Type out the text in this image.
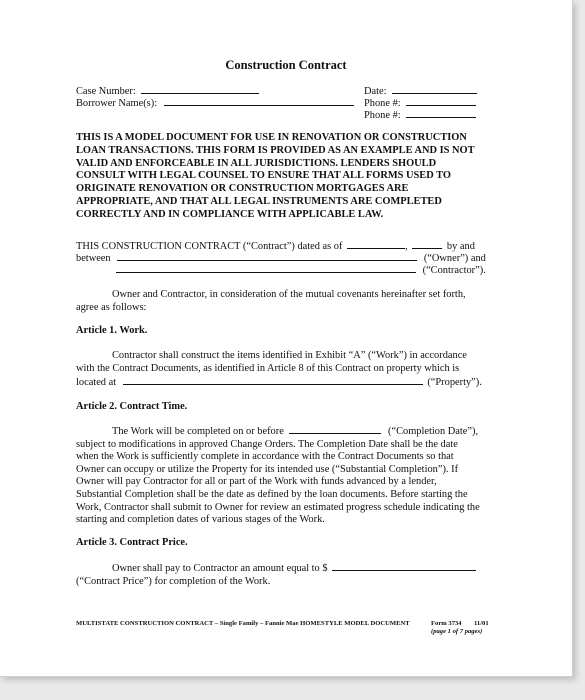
Construction Contract
Case Number:
Borrower Name(s):
Date:
Phone #:
Phone #:
THIS IS A MODEL DOCUMENT FOR USE IN RENOVATION OR CONSTRUCTION
LOAN TRANSACTIONS. THIS FORM IS PROVIDED AS AN EXAMPLE AND IS NOT
VALID AND ENFORCEABLE IN ALL JURISDICTIONS. LENDERS SHOULD
CONSULT WITH LEGAL COUNSEL TO ENSURE THAT ALL FORMS USED TO
ORIGINATE RENOVATION OR CONSTRUCTION MORTGAGES ARE
APPROPRIATE, AND THAT ALL LEGAL INSTRUMENTS ARE COMPLETED
CORRECTLY AND IN COMPLIANCE WITH APPLICABLE LAW.
THIS CONSTRUCTION CONTRACT (“Contract”) dated as of	,	by and
between	(“Owner”) and
(“Contractor”).
Owner and Contractor, in consideration of the mutual covenants hereinafter set forth,
agree as follows:
Article 1. Work.
Contractor shall construct the items identified in Exhibit “A” (“Work”) in accordance
with the Contract Documents, as identified in Article 8 of this Contract on property which is
located at	(“Property”).
Article 2. Contract Time.
The Work will be completed on or before	(“Completion Date”),
subject to modifications in approved Change Orders. The Completion Date shall be the date
when the Work is sufficiently complete in accordance with the Contract Documents so that
Owner can occupy or utilize the Property for its intended use (“Substantial Completion”). If
Owner will pay Contractor for all or part of the Work with funds advanced by a lender,
Substantial Completion shall be the date as defined by the loan documents. Before starting the
Work, Contractor shall submit to Owner for review an estimated progress schedule indicating the
starting and completion dates of various stages of the Work.
Article 3. Contract Price.
Owner shall pay to Contractor an amount equal to $
(“Contract Price”) for completion of the Work.
MULTISTATE CONSTRUCTION CONTRACT – Single Family – Fannie Mae HOMESTYLE MODEL DOCUMENT	Form 3734 11/01
(page 1 of 7 pages)
